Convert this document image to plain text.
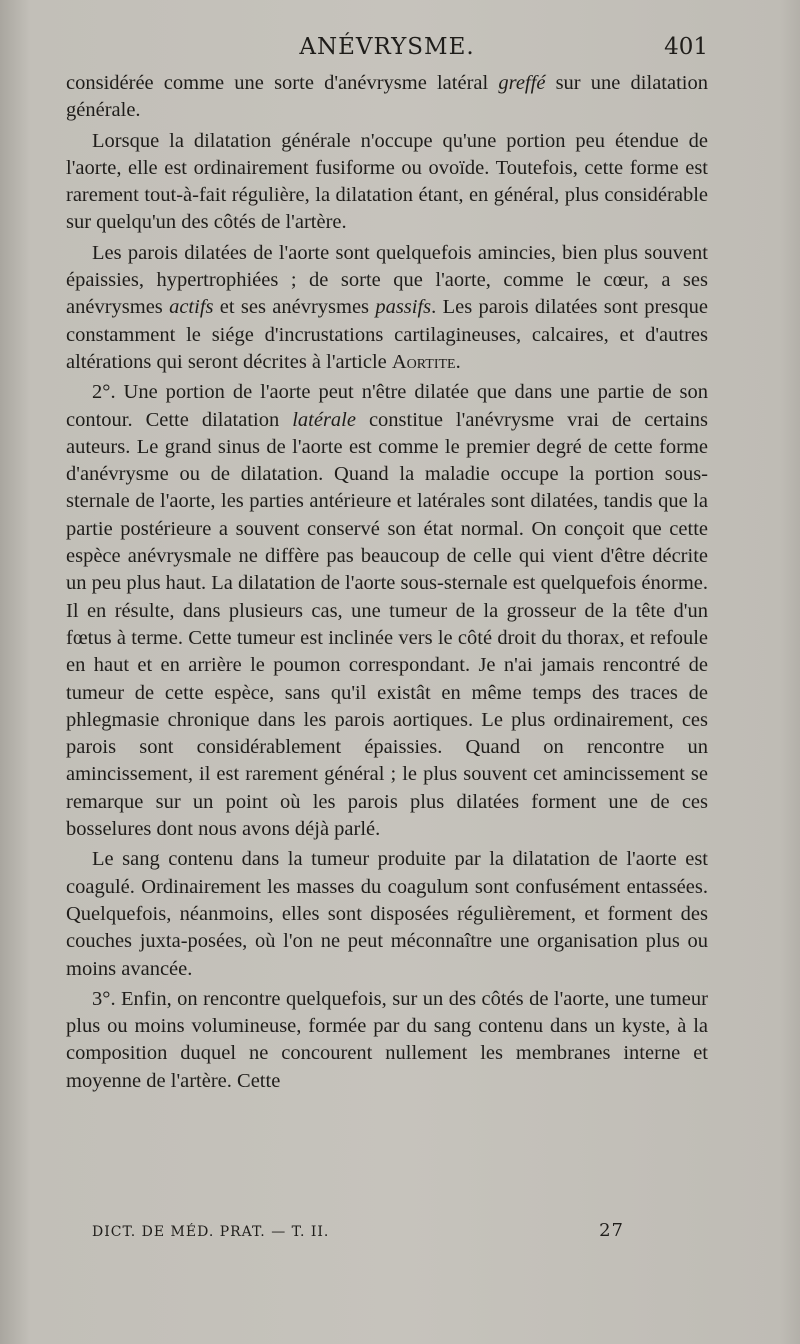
ANÉVRYSME.	401

considérée comme une sorte d'anévrysme latéral greffé sur une dilatation générale.

Lorsque la dilatation générale n'occupe qu'une portion peu étendue de l'aorte, elle est ordinairement fusiforme ou ovoïde. Toutefois, cette forme est rarement tout-à-fait régulière, la dilatation étant, en général, plus considérable sur quelqu'un des côtés de l'artère.

Les parois dilatées de l'aorte sont quelquefois amincies, bien plus souvent épaissies, hypertrophiées ; de sorte que l'aorte, comme le cœur, a ses anévrysmes actifs et ses anévrysmes passifs. Les parois dilatées sont presque constamment le siége d'incrustations cartilagineuses, calcaires, et d'autres altérations qui seront décrites à l'article Aortite.

2°. Une portion de l'aorte peut n'être dilatée que dans une partie de son contour. Cette dilatation latérale constitue l'anévrysme vrai de certains auteurs. Le grand sinus de l'aorte est comme le premier degré de cette forme d'anévrysme ou de dilatation. Quand la maladie occupe la portion sous-sternale de l'aorte, les parties antérieure et latérales sont dilatées, tandis que la partie postérieure a souvent conservé son état normal. On conçoit que cette espèce anévrysmale ne diffère pas beaucoup de celle qui vient d'être décrite un peu plus haut. La dilatation de l'aorte sous-sternale est quelquefois énorme. Il en résulte, dans plusieurs cas, une tumeur de la grosseur de la tête d'un fœtus à terme. Cette tumeur est inclinée vers le côté droit du thorax, et refoule en haut et en arrière le poumon correspondant. Je n'ai jamais rencontré de tumeur de cette espèce, sans qu'il existât en même temps des traces de phlegmasie chronique dans les parois aortiques. Le plus ordinairement, ces parois sont considérablement épaissies. Quand on rencontre un amincissement, il est rarement général ; le plus souvent cet amincissement se remarque sur un point où les parois plus dilatées forment une de ces bosselures dont nous avons déjà parlé.

Le sang contenu dans la tumeur produite par la dilatation de l'aorte est coagulé. Ordinairement les masses du coagulum sont confusément entassées. Quelquefois, néanmoins, elles sont disposées régulièrement, et forment des couches juxta-posées, où l'on ne peut méconnaître une organisation plus ou moins avancée.

3°. Enfin, on rencontre quelquefois, sur un des côtés de l'aorte, une tumeur plus ou moins volumineuse, formée par du sang contenu dans un kyste, à la composition duquel ne concourent nullement les membranes interne et moyenne de l'artère. Cette

DICT. DE MÉD. PRAT. — T. II.	27
